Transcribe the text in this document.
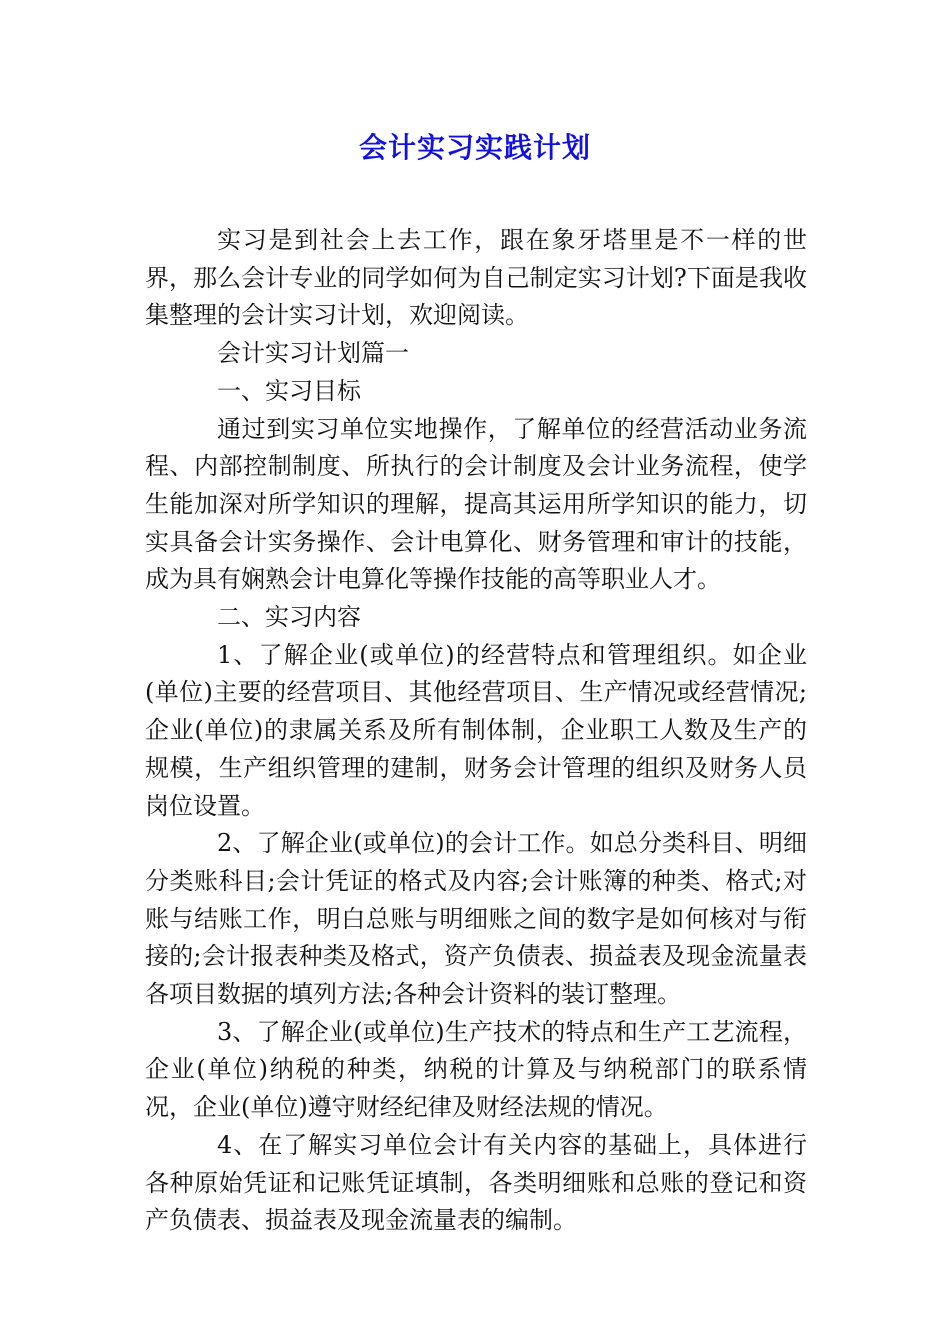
会计实习实践计划

实习是到社会上去工作，跟在象牙塔里是不一样的世界，那么会计专业的同学如何为自己制定实习计划?下面是我收集整理的会计实习计划，欢迎阅读。

会计实习计划篇一

一、实习目标

通过到实习单位实地操作，了解单位的经营活动业务流程、内部控制制度、所执行的会计制度及会计业务流程，使学生能加深对所学知识的理解，提高其运用所学知识的能力，切实具备会计实务操作、会计电算化、财务管理和审计的技能，成为具有娴熟会计电算化等操作技能的高等职业人才。

二、实习内容

1、了解企业(或单位)的经营特点和管理组织。如企业(单位)主要的经营项目、其他经营项目、生产情况或经营情况;企业(单位)的隶属关系及所有制体制，企业职工人数及生产的规模，生产组织管理的建制，财务会计管理的组织及财务人员岗位设置。

2、了解企业(或单位)的会计工作。如总分类科目、明细分类账科目;会计凭证的格式及内容;会计账簿的种类、格式;对账与结账工作，明白总账与明细账之间的数字是如何核对与衔接的;会计报表种类及格式，资产负债表、损益表及现金流量表各项目数据的填列方法;各种会计资料的装订整理。

3、了解企业(或单位)生产技术的特点和生产工艺流程，企业(单位)纳税的种类，纳税的计算及与纳税部门的联系情况，企业(单位)遵守财经纪律及财经法规的情况。

4、在了解实习单位会计有关内容的基础上，具体进行各种原始凭证和记账凭证填制，各类明细账和总账的登记和资产负债表、损益表及现金流量表的编制。
